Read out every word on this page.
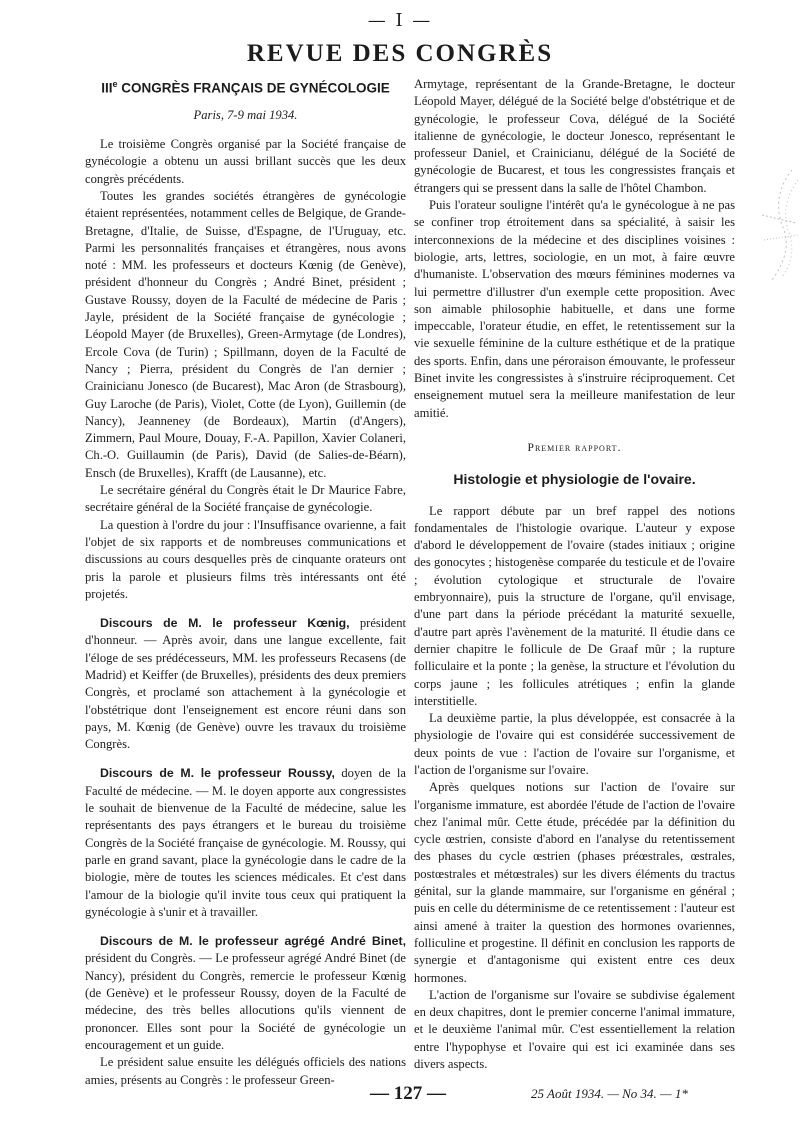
— I —
REVUE DES CONGRÈS
IIIe CONGRÈS FRANÇAIS DE GYNÉCOLOGIE
Paris, 7-9 mai 1934.

Le troisième Congrès organisé par la Société française de gynécologie a obtenu un aussi brillant succès que les deux congrès précédents.

Toutes les grandes sociétés étrangères de gynécologie étaient représentées, notamment celles de Belgique, de Grande-Bretagne, d'Italie, de Suisse, d'Espagne, de l'Uruguay, etc. Parmi les personnalités françaises et étrangères, nous avons noté : MM. les professeurs et docteurs Kœnig (de Genève), président d'honneur du Congrès ; André Binet, président ; Gustave Roussy, doyen de la Faculté de médecine de Paris ; Jayle, président de la Société française de gynécologie ; Léopold Mayer (de Bruxelles), Green-Armytage (de Londres), Ercole Cova (de Turin) ; Spillmann, doyen de la Faculté de Nancy ; Pierra, président du Congrès de l'an dernier ; Crainicianu Jonesco (de Bucarest), Mac Aron (de Strasbourg), Guy Laroche (de Paris), Violet, Cotte (de Lyon), Guillemin (de Nancy), Jeanneney (de Bordeaux), Martin (d'Angers), Zimmern, Paul Moure, Douay, F.-A. Papillon, Xavier Colaneri, Ch.-O. Guillaumin (de Paris), David (de Salies-de-Béarn), Ensch (de Bruxelles), Krafft (de Lausanne), etc.

Le secrétaire général du Congrès était le Dr Maurice Fabre, secrétaire général de la Société française de gynécologie.

La question à l'ordre du jour : l'Insuffisance ovarienne, a fait l'objet de six rapports et de nombreuses communications et discussions au cours desquelles près de cinquante orateurs ont pris la parole et plusieurs films très intéressants ont été projetés.

Discours de M. le professeur Kœnig, président d'honneur. — Après avoir, dans une langue excellente, fait l'éloge de ses prédécesseurs, MM. les professeurs Recasens (de Madrid) et Keiffer (de Bruxelles), présidents des deux premiers Congrès, et proclamé son attachement à la gynécologie et l'obstétrique dont l'enseignement est encore réuni dans son pays, M. Kœnig (de Genève) ouvre les travaux du troisième Congrès.

Discours de M. le professeur Roussy, doyen de la Faculté de médecine. — M. le doyen apporte aux congressistes le souhait de bienvenue de la Faculté de médecine, salue les représentants des pays étrangers et le bureau du troisième Congrès de la Société française de gynécologie. M. Roussy, qui parle en grand savant, place la gynécologie dans le cadre de la biologie, mère de toutes les sciences médicales. Et c'est dans l'amour de la biologie qu'il invite tous ceux qui pratiquent la gynécologie à s'unir et à travailler.

Discours de M. le professeur agrégé André Binet, président du Congrès. — Le professeur agrégé André Binet (de Nancy), président du Congrès, remercie le professeur Kœnig (de Genève) et le professeur Roussy, doyen de la Faculté de médecine, des très belles allocutions qu'ils viennent de prononcer. Elles sont pour la Société de gynécologie un encouragement et un guide.

Le président salue ensuite les délégués officiels des nations amies, présents au Congrès : le professeur Green-

Armytage, représentant de la Grande-Bretagne, le docteur Léopold Mayer, délégué de la Société belge d'obstétrique et de gynécologie, le professeur Cova, délégué de la Société italienne de gynécologie, le docteur Jonesco, représentant le professeur Daniel, et Crainicianu, délégué de la Société de gynécologie de Bucarest, et tous les congressistes français et étrangers qui se pressent dans la salle de l'hôtel Chambon.

Puis l'orateur souligne l'intérêt qu'a le gynécologue à ne pas se confiner trop étroitement dans sa spécialité, à saisir les interconnexions de la médecine et des disciplines voisines : biologie, arts, lettres, sociologie, en un mot, à faire œuvre d'humaniste. L'observation des mœurs féminines modernes va lui permettre d'illustrer d'un exemple cette proposition. Avec son aimable philosophie habituelle, et dans une forme impeccable, l'orateur étudie, en effet, le retentissement sur la vie sexuelle féminine de la culture esthétique et de la pratique des sports. Enfin, dans une péroraison émouvante, le professeur Binet invite les congressistes à s'instruire réciproquement. Cet enseignement mutuel sera la meilleure manifestation de leur amitié.

Premier rapport.

Histologie et physiologie de l'ovaire.

Le rapport débute par un bref rappel des notions fondamentales de l'histologie ovarique. L'auteur y expose d'abord le développement de l'ovaire (stades initiaux ; origine des gonocytes ; histogenèse comparée du testicule et de l'ovaire ; évolution cytologique et structurale de l'ovaire embryonnaire), puis la structure de l'organe, qu'il envisage, d'une part dans la période précédant la maturité sexuelle, d'autre part après l'avènement de la maturité. Il étudie dans ce dernier chapitre le follicule de De Graaf mûr ; la rupture folliculaire et la ponte ; la genèse, la structure et l'évolution du corps jaune ; les follicules atrétiques ; enfin la glande interstitielle.

La deuxième partie, la plus développée, est consacrée à la physiologie de l'ovaire qui est considérée successivement de deux points de vue : l'action de l'ovaire sur l'organisme, et l'action de l'organisme sur l'ovaire.

Après quelques notions sur l'action de l'ovaire sur l'organisme immature, est abordée l'étude de l'action de l'ovaire chez l'animal mûr. Cette étude, précédée par la définition du cycle œstrien, consiste d'abord en l'analyse du retentissement des phases du cycle œstrien (phases préœstrales, œstrales, postœstrales et métœstrales) sur les divers éléments du tractus génital, sur la glande mammaire, sur l'organisme en général ; puis en celle du déterminisme de ce retentissement : l'auteur est ainsi amené à traiter la question des hormones ovariennes, folliculine et progestine. Il définit en conclusion les rapports de synergie et d'antagonisme qui existent entre ces deux hormones.

L'action de l'organisme sur l'ovaire se subdivise également en deux chapitres, dont le premier concerne l'animal immature, et le deuxième l'animal mûr. C'est essentiellement la relation entre l'hypophyse et l'ovaire qui est ici examinée dans ses divers aspects.

— 127 —	25 Août 1934. — No 34. — 1*
